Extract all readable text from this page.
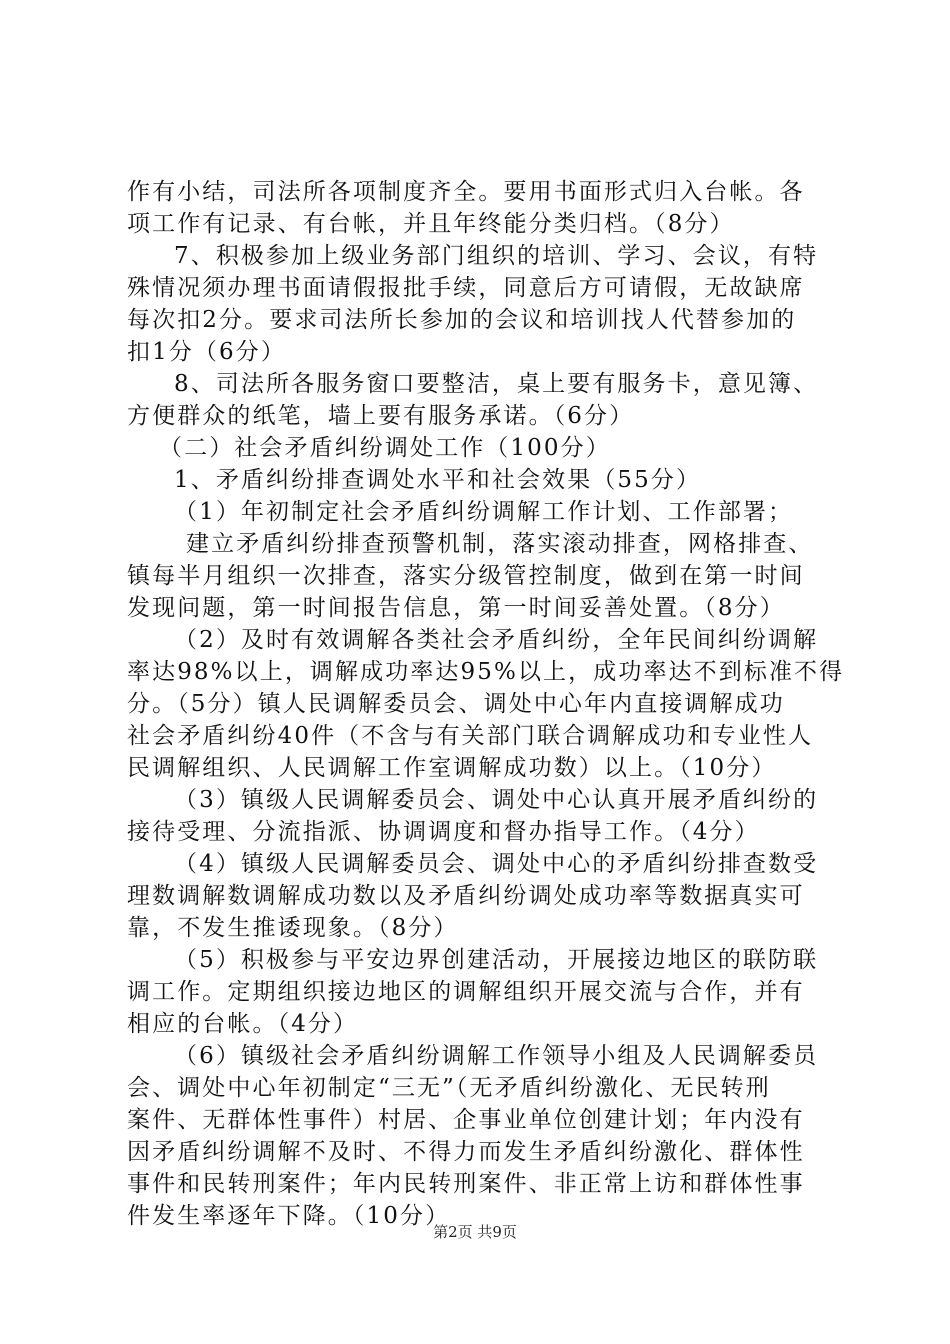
作有小结，司法所各项制度齐全。要用书面形式归入台帐。各
项工作有记录、有台帐，并且年终能分类归档。（8分）
7、积极参加上级业务部门组织的培训、学习、会议，有特
殊情况须办理书面请假报批手续，同意后方可请假，无故缺席
每次扣2分。要求司法所长参加的会议和培训找人代替参加的
扣1分（6分）
8、司法所各服务窗口要整洁，桌上要有服务卡，意见簿、
方便群众的纸笔，墙上要有服务承诺。（6分）
（二）社会矛盾纠纷调处工作（100分）
1、矛盾纠纷排查调处水平和社会效果（55分）
（1）年初制定社会矛盾纠纷调解工作计划、工作部署；
建立矛盾纠纷排查预警机制，落实滚动排查，网格排查、
镇每半月组织一次排查，落实分级管控制度，做到在第一时间
发现问题，第一时间报告信息，第一时间妥善处置。（8分）
（2）及时有效调解各类社会矛盾纠纷，全年民间纠纷调解
率达98%以上，调解成功率达95%以上，成功率达不到标准不得
分。（5分）镇人民调解委员会、调处中心年内直接调解成功
社会矛盾纠纷40件（不含与有关部门联合调解成功和专业性人
民调解组织、人民调解工作室调解成功数）以上。（10分）
（3）镇级人民调解委员会、调处中心认真开展矛盾纠纷的
接待受理、分流指派、协调调度和督办指导工作。（4分）
（4）镇级人民调解委员会、调处中心的矛盾纠纷排查数受
理数调解数调解成功数以及矛盾纠纷调处成功率等数据真实可
靠，不发生推诿现象。（8分）
（5）积极参与平安边界创建活动，开展接边地区的联防联
调工作。定期组织接边地区的调解组织开展交流与合作，并有
相应的台帐。（4分）
（6）镇级社会矛盾纠纷调解工作领导小组及人民调解委员
会、调处中心年初制定“三无”（无矛盾纠纷激化、无民转刑
案件、无群体性事件）村居、企事业单位创建计划；年内没有
因矛盾纠纷调解不及时、不得力而发生矛盾纠纷激化、群体性
事件和民转刑案件；年内民转刑案件、非正常上访和群体性事
件发生率逐年下降。（10分）
第2页 共9页
